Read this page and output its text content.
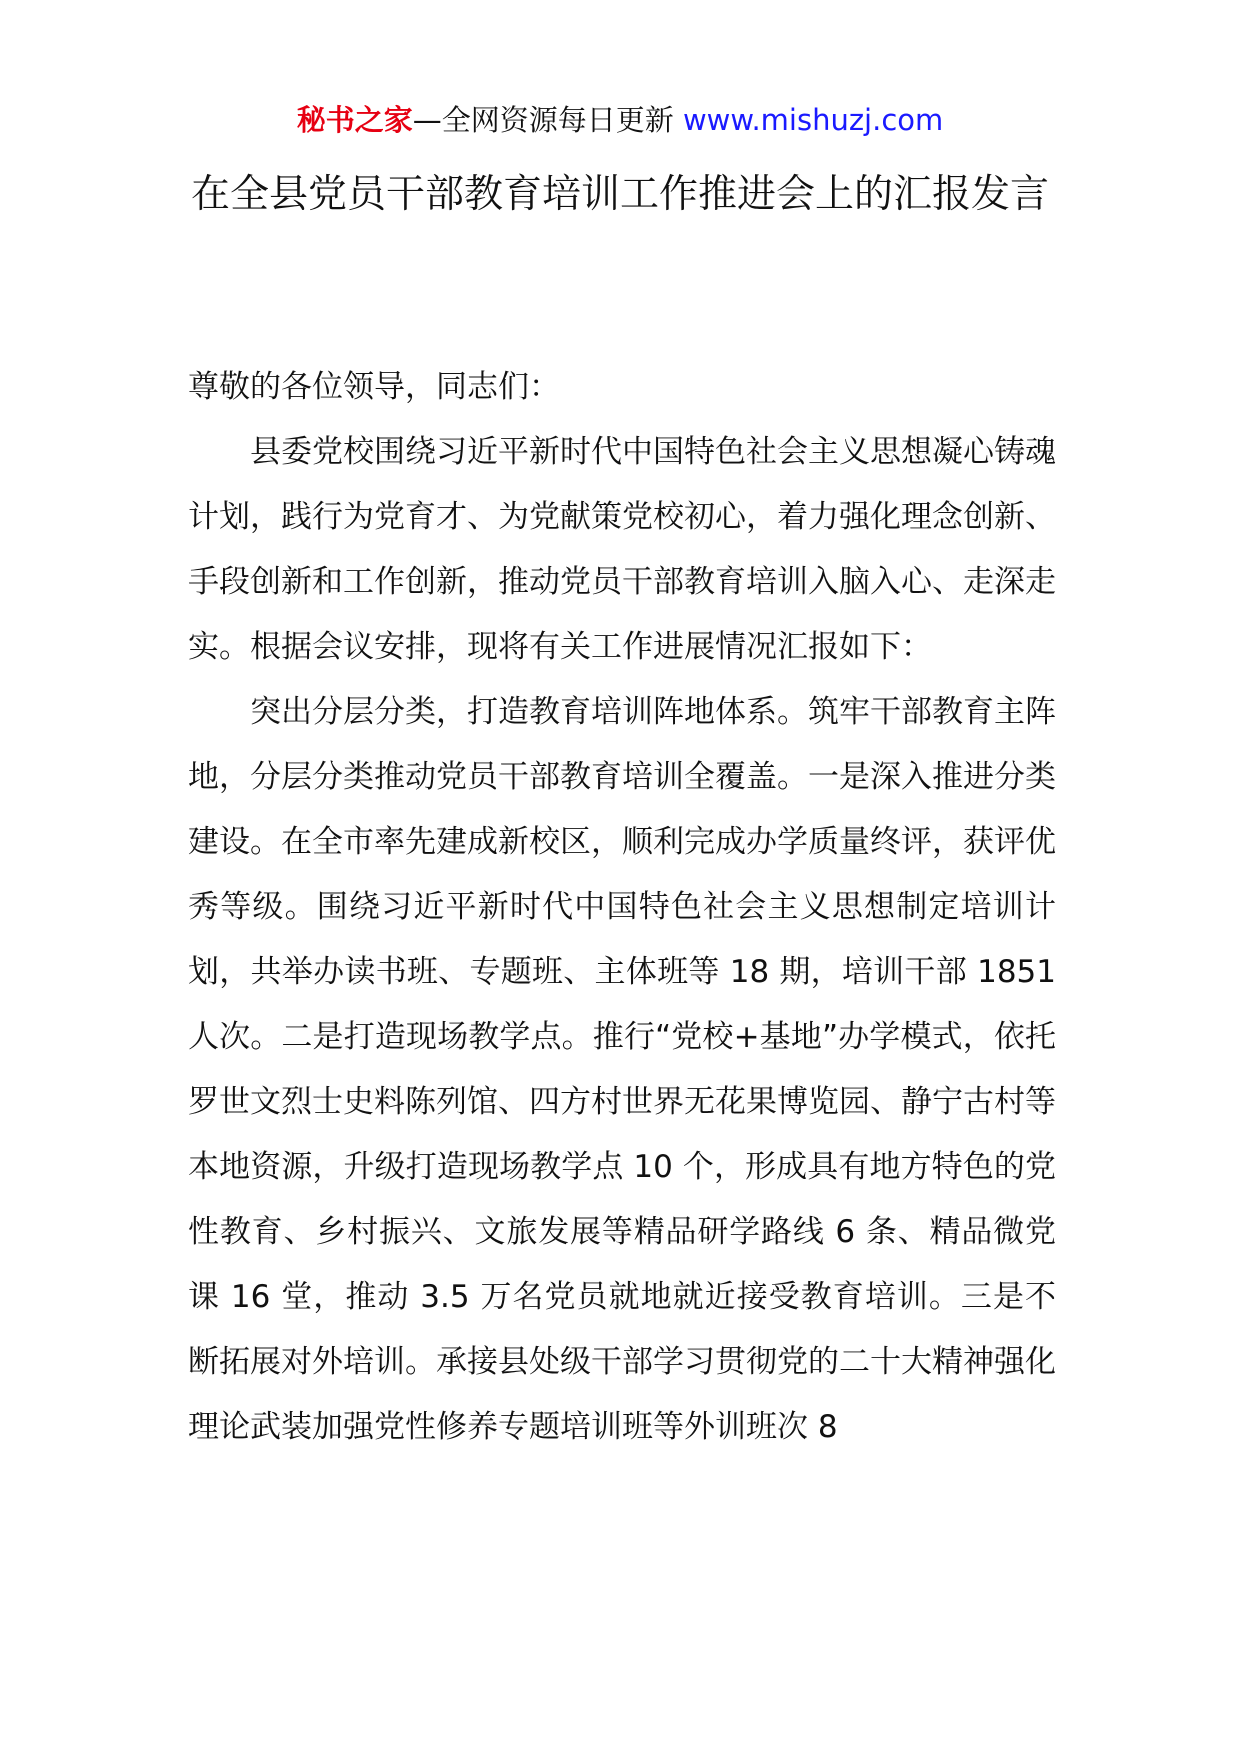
秘书之家—全网资源每日更新 www.mishuzj.com
在全县党员干部教育培训工作推进会上的汇报发言

尊敬的各位领导，同志们：

县委党校围绕习近平新时代中国特色社会主义思想凝心铸魂计划，践行为党育才、为党献策党校初心，着力强化理念创新、手段创新和工作创新，推动党员干部教育培训入脑入心、走深走实。根据会议安排，现将有关工作进展情况汇报如下：

突出分层分类，打造教育培训阵地体系。筑牢干部教育主阵地，分层分类推动党员干部教育培训全覆盖。一是深入推进分类建设。在全市率先建成新校区，顺利完成办学质量终评，获评优秀等级。围绕习近平新时代中国特色社会主义思想制定培训计划，共举办读书班、专题班、主体班等 18 期，培训干部 1851 人次。二是打造现场教学点。推行“党校+基地”办学模式，依托罗世文烈士史料陈列馆、四方村世界无花果博览园、静宁古村等本地资源，升级打造现场教学点 10 个，形成具有地方特色的党性教育、乡村振兴、文旅发展等精品研学路线 6 条、精品微党课 16 堂，推动 3.5 万名党员就地就近接受教育培训。三是不断拓展对外培训。承接县处级干部学习贯彻党的二十大精神强化理论武装加强党性修养专题培训班等外训班次 8
